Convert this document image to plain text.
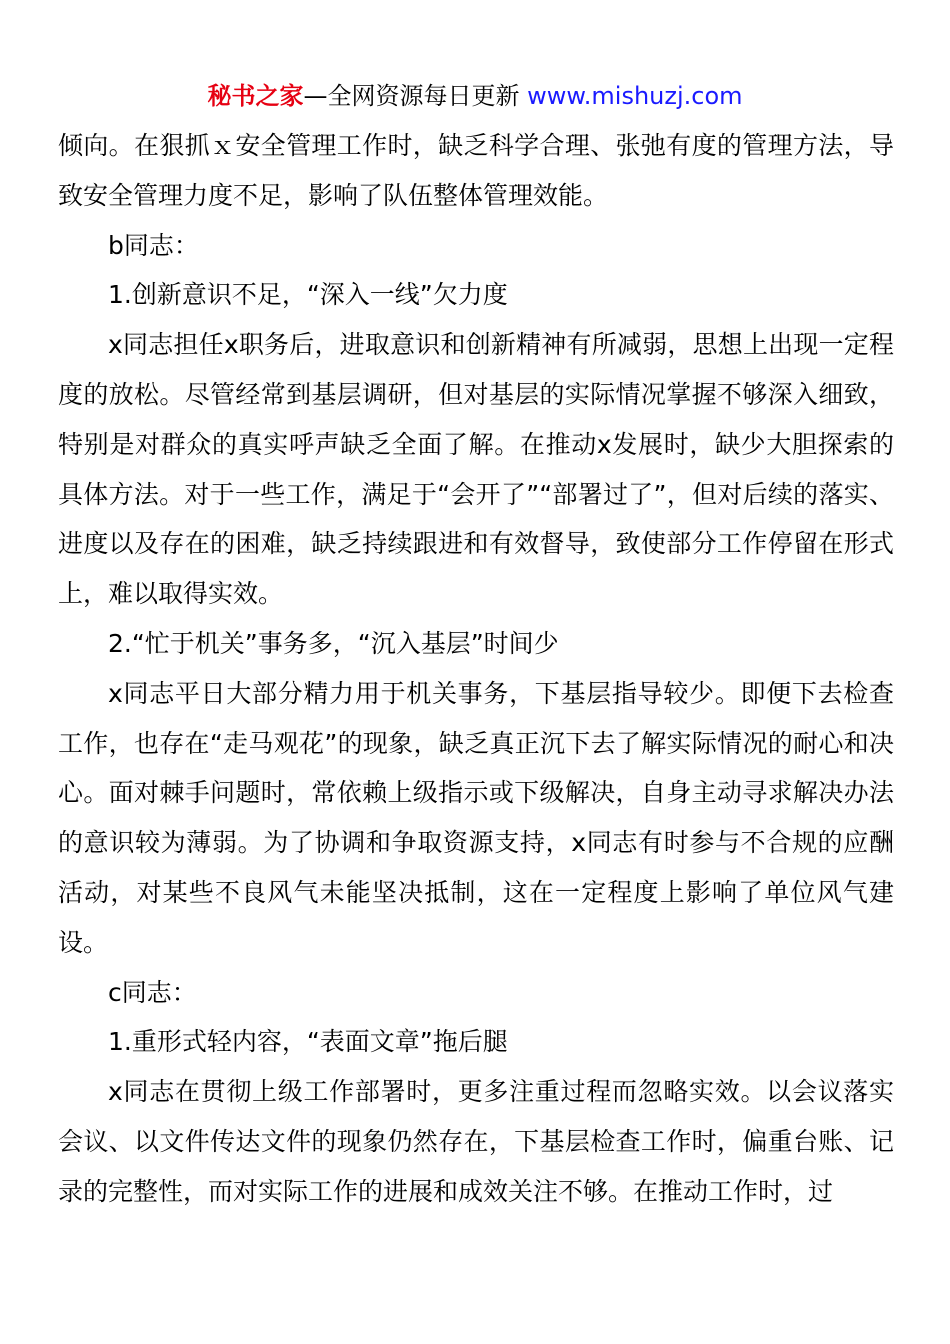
秘书之家—全网资源每日更新 www.mishuzj.com

倾向。在狠抓ｘ安全管理工作时，缺乏科学合理、张弛有度的管理方法，导致安全管理力度不足，影响了队伍整体管理效能。

b同志：

1.创新意识不足，“深入一线”欠力度

x同志担任x职务后，进取意识和创新精神有所减弱，思想上出现一定程度的放松。尽管经常到基层调研，但对基层的实际情况掌握不够深入细致，特别是对群众的真实呼声缺乏全面了解。在推动x发展时，缺少大胆探索的具体方法。对于一些工作，满足于“会开了”“部署过了”，但对后续的落实、进度以及存在的困难，缺乏持续跟进和有效督导，致使部分工作停留在形式上，难以取得实效。

2.“忙于机关”事务多，“沉入基层”时间少

x同志平日大部分精力用于机关事务，下基层指导较少。即便下去检查工作，也存在“走马观花”的现象，缺乏真正沉下去了解实际情况的耐心和决心。面对棘手问题时，常依赖上级指示或下级解决，自身主动寻求解决办法的意识较为薄弱。为了协调和争取资源支持，x同志有时参与不合规的应酬活动，对某些不良风气未能坚决抵制，这在一定程度上影响了单位风气建设。

c同志：

1.重形式轻内容，“表面文章”拖后腿

x同志在贯彻上级工作部署时，更多注重过程而忽略实效。以会议落实会议、以文件传达文件的现象仍然存在，下基层检查工作时，偏重台账、记录的完整性，而对实际工作的进展和成效关注不够。在推动工作时，过
